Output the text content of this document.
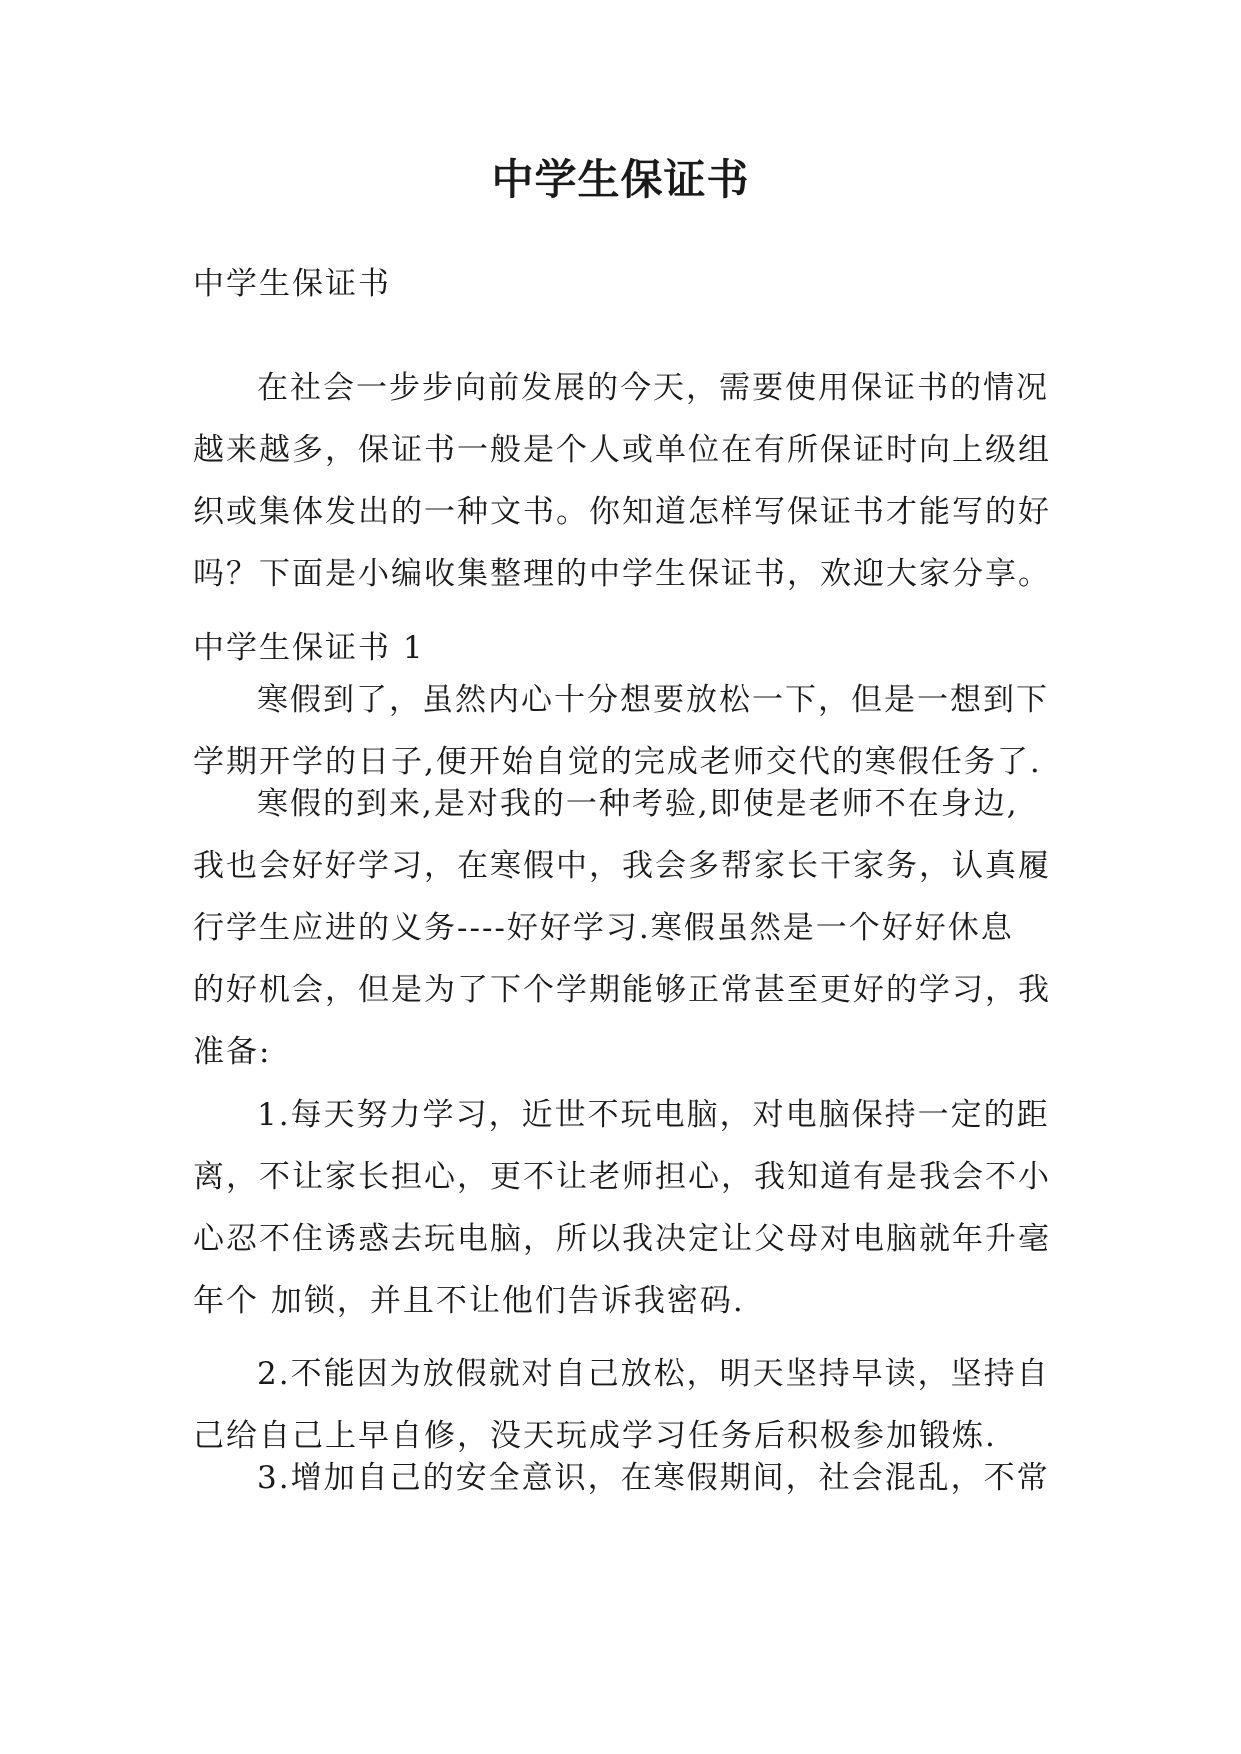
中学生保证书

中学生保证书

在社会一步步向前发展的今天，需要使用保证书的情况
越来越多，保证书一般是个人或单位在有所保证时向上级组
织或集体发出的一种文书。你知道怎样写保证书才能写的好
吗？下面是小编收集整理的中学生保证书，欢迎大家分享。

中学生保证书 1

寒假到了，虽然内心十分想要放松一下，但是一想到下
学期开学的日子,便开始自觉的完成老师交代的寒假任务了.

寒假的到来,是对我的一种考验,即使是老师不在身边,
我也会好好学习，在寒假中，我会多帮家长干家务，认真履
行学生应进的义务----好好学习.寒假虽然是一个好好休息
的好机会，但是为了下个学期能够正常甚至更好的学习，我
准备:

1.每天努力学习，近世不玩电脑，对电脑保持一定的距
离，不让家长担心，更不让老师担心，我知道有是我会不小
心忍不住诱惑去玩电脑，所以我决定让父母对电脑就年升毫
年个 加锁，并且不让他们告诉我密码.

2.不能因为放假就对自己放松，明天坚持早读，坚持自
己给自己上早自修，没天玩成学习任务后积极参加锻炼.

3.增加自己的安全意识，在寒假期间，社会混乱，不常
